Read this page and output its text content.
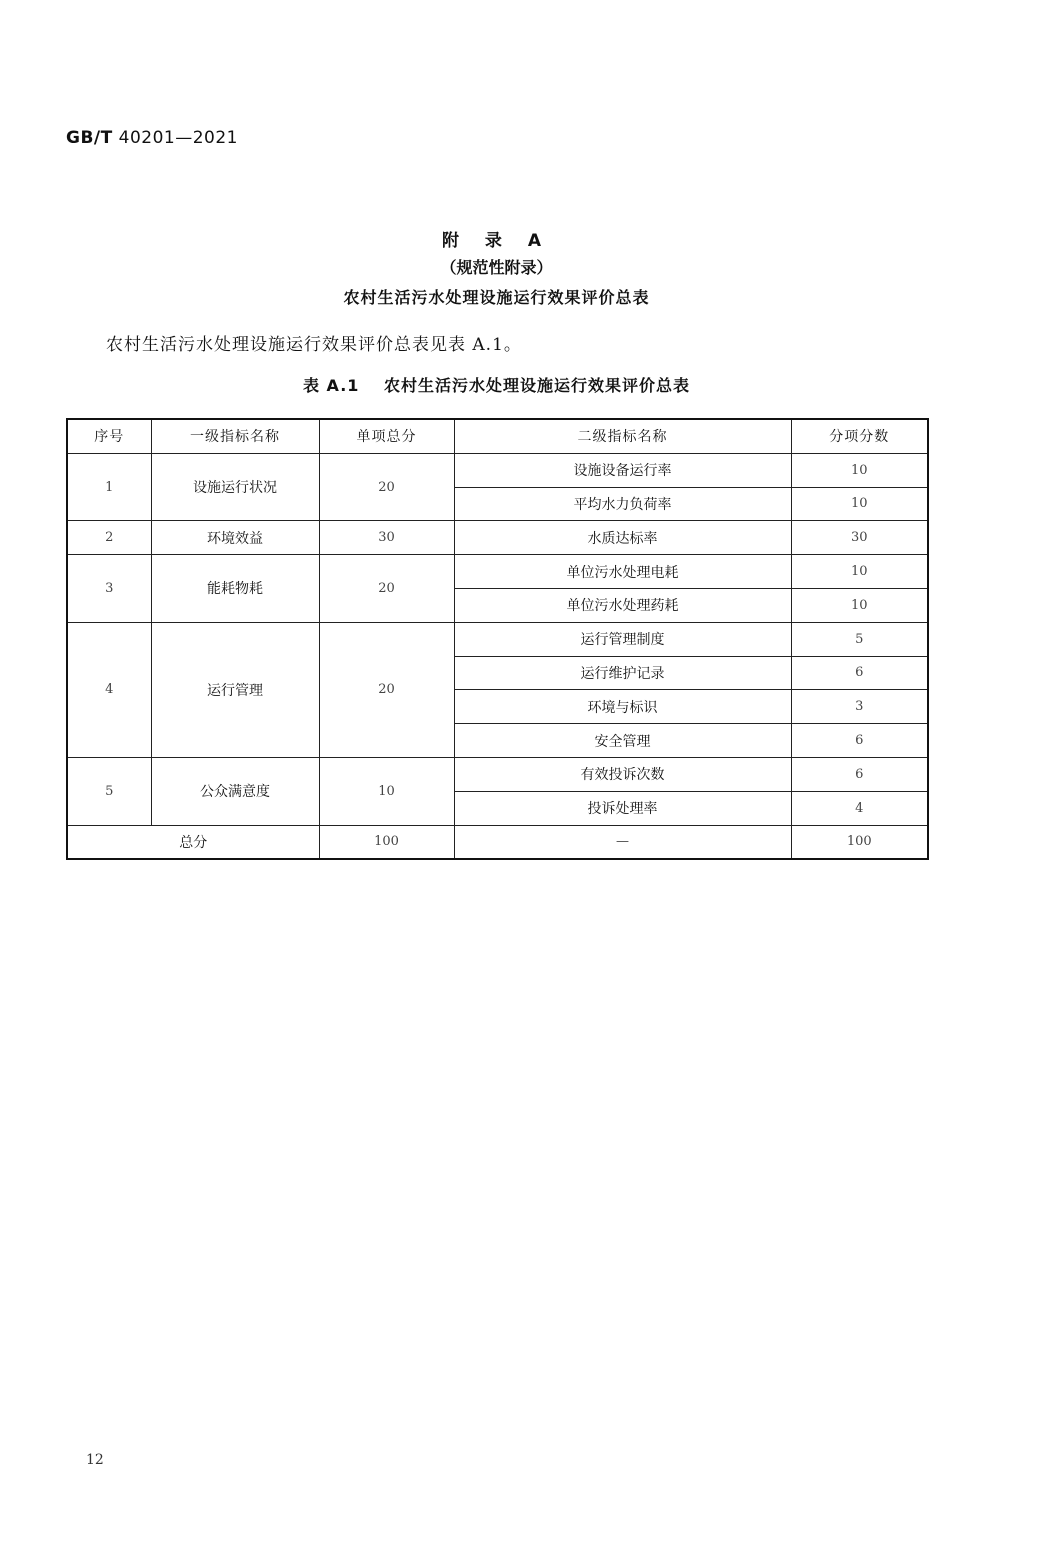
GB/T 40201—2021
附 录 A
（规范性附录）
农村生活污水处理设施运行效果评价总表
农村生活污水处理设施运行效果评价总表见表 A.1。
表 A.1 农村生活污水处理设施运行效果评价总表
序号	一级指标名称	单项总分	二级指标名称	分项分数
1	设施运行状况	20	设施设备运行率	10
			平均水力负荷率	10
2	环境效益	30	水质达标率	30
3	能耗物耗	20	单位污水处理电耗	10
			单位污水处理药耗	10
4	运行管理	20	运行管理制度	5
			运行维护记录	6
			环境与标识	3
			安全管理	6
5	公众满意度	10	有效投诉次数	6
			投诉处理率	4
总分		100	—	100
12
